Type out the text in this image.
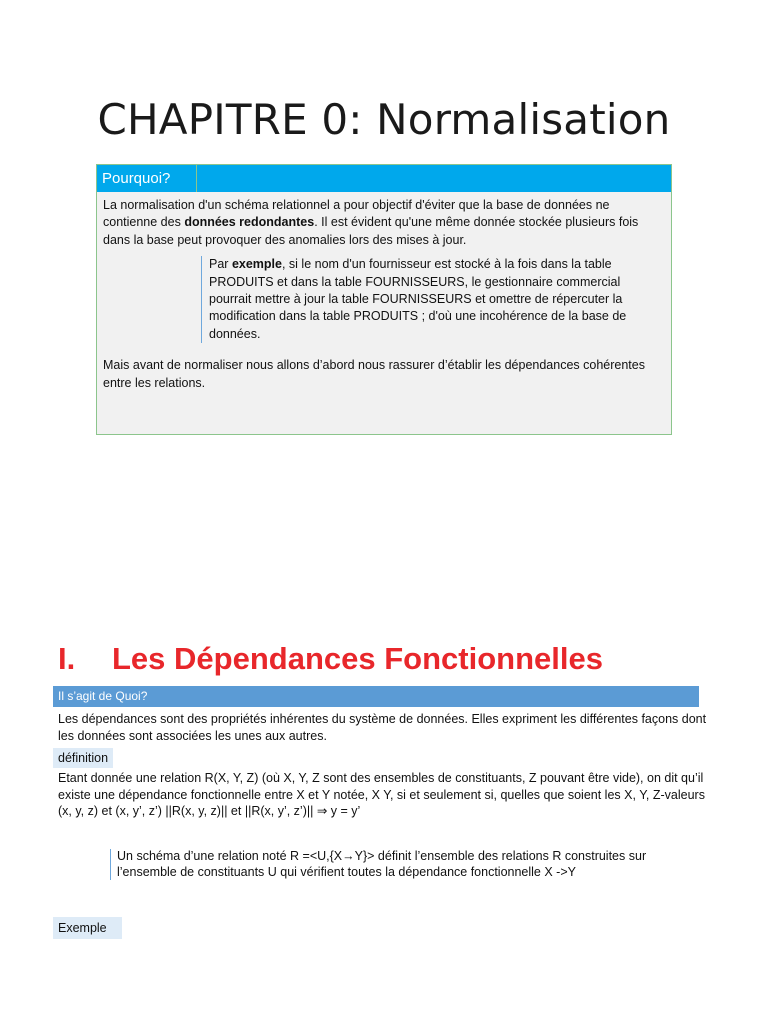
CHAPITRE 0: Normalisation
Pourquoi?

La normalisation d'un schéma relationnel a pour objectif d'éviter que la base de données ne contienne des données redondantes. Il est évident qu'une même donnée stockée plusieurs fois dans la base peut provoquer des anomalies lors des mises à jour.

Par exemple, si le nom d'un fournisseur est stocké à la fois dans la table PRODUITS et dans la table FOURNISSEURS, le gestionnaire commercial pourrait mettre à jour la table FOURNISSEURS et omettre de répercuter la modification dans la table PRODUITS ; d'où une incohérence de la base de données.

Mais avant de normaliser nous allons d’abord nous rassurer d’établir les dépendances cohérentes entre les relations.

I. Les Dépendances Fonctionnelles
Il s’agit de Quoi?
Les dépendances sont des propriétés inhérentes du système de données. Elles expriment les différentes façons dont les données sont associées les unes aux autres.
définition
Etant donnée une relation R(X, Y, Z) (où X, Y, Z sont des ensembles de constituants, Z pouvant être vide), on dit qu’il existe une dépendance fonctionnelle entre X et Y notée, X Y, si et seulement si, quelles que soient les X, Y, Z-valeurs (x, y, z) et (x, y’, z’) ||R(x, y, z)|| et ||R(x, y’, z’)|| ⇒ y = y’
Un schéma d’une relation noté R =<U,{X→Y}> définit l’ensemble des relations R construites sur l’ensemble de constituants U qui vérifient toutes la dépendance fonctionnelle X ->Y
Exemple
